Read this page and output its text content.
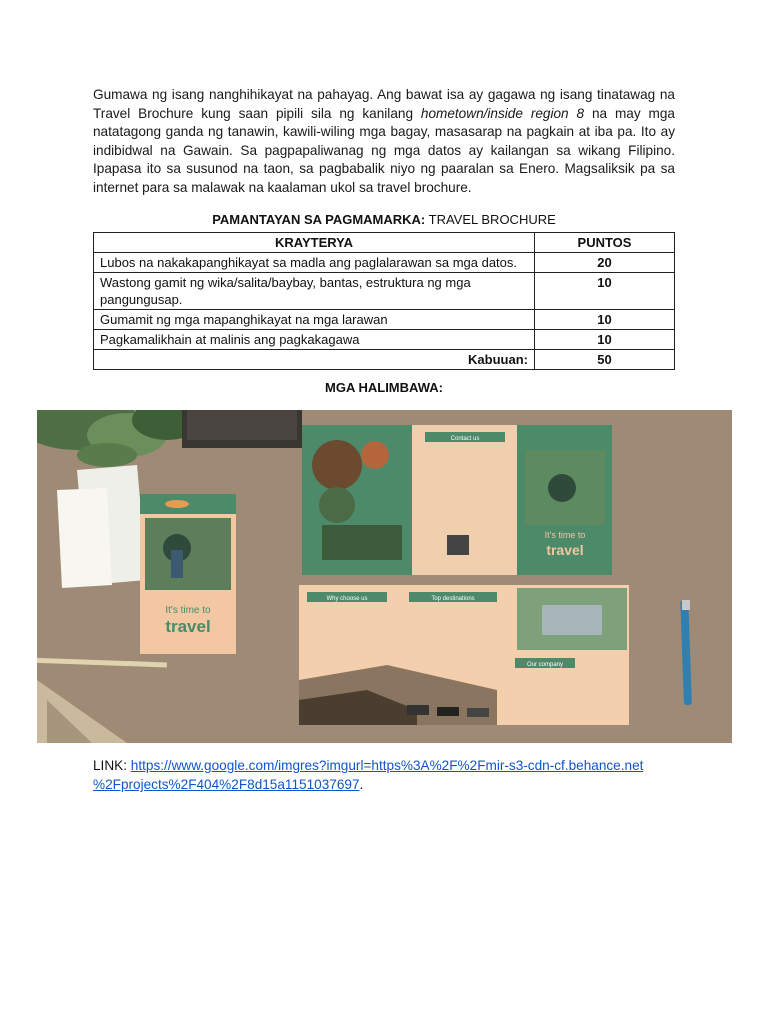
Gumawa ng isang nanghihikayat na pahayag. Ang bawat isa ay gagawa ng isang tinatawag na Travel Brochure kung saan pipili sila ng kanilang hometown/inside region 8 na may mga natatagong ganda ng tanawin, kawili-wiling mga bagay, masasarap na pagkain at iba pa. Ito ay indibidwal na Gawain. Sa pagpapaliwanag ng mga datos ay kailangan sa wikang Filipino. Ipapasa ito sa susunod na taon, sa pagbabalik niyo ng paaralan sa Enero. Magsaliksik pa sa internet para sa malawak na kaalaman ukol sa travel brochure.
PAMANTAYAN SA PAGMAMARKA: TRAVEL BROCHURE
KRAYTERYA	PUNTOS
Lubos na nakakapanghikayat sa madla ang paglalarawan sa mga datos.	20
Wastong gamit ng wika/salita/baybay, bantas, estruktura ng mga pangungusap.	10
Gumamit ng mga mapanghikayat na mga larawan	10
Pagkamalikhain at malinis ang pagkakagawa	10
Kabuuan:	50
MGA HALIMBAWA:
It's time to
travel
Contact us
It's time to
travel
Why choose us	Top destinations
Our company
LINK: https://www.google.com/imgres?imgurl=https%3A%2F%2Fmir-s3-cdn-cf.behance.net
%2Fprojects%2F404%2F8d15a1151037697.
